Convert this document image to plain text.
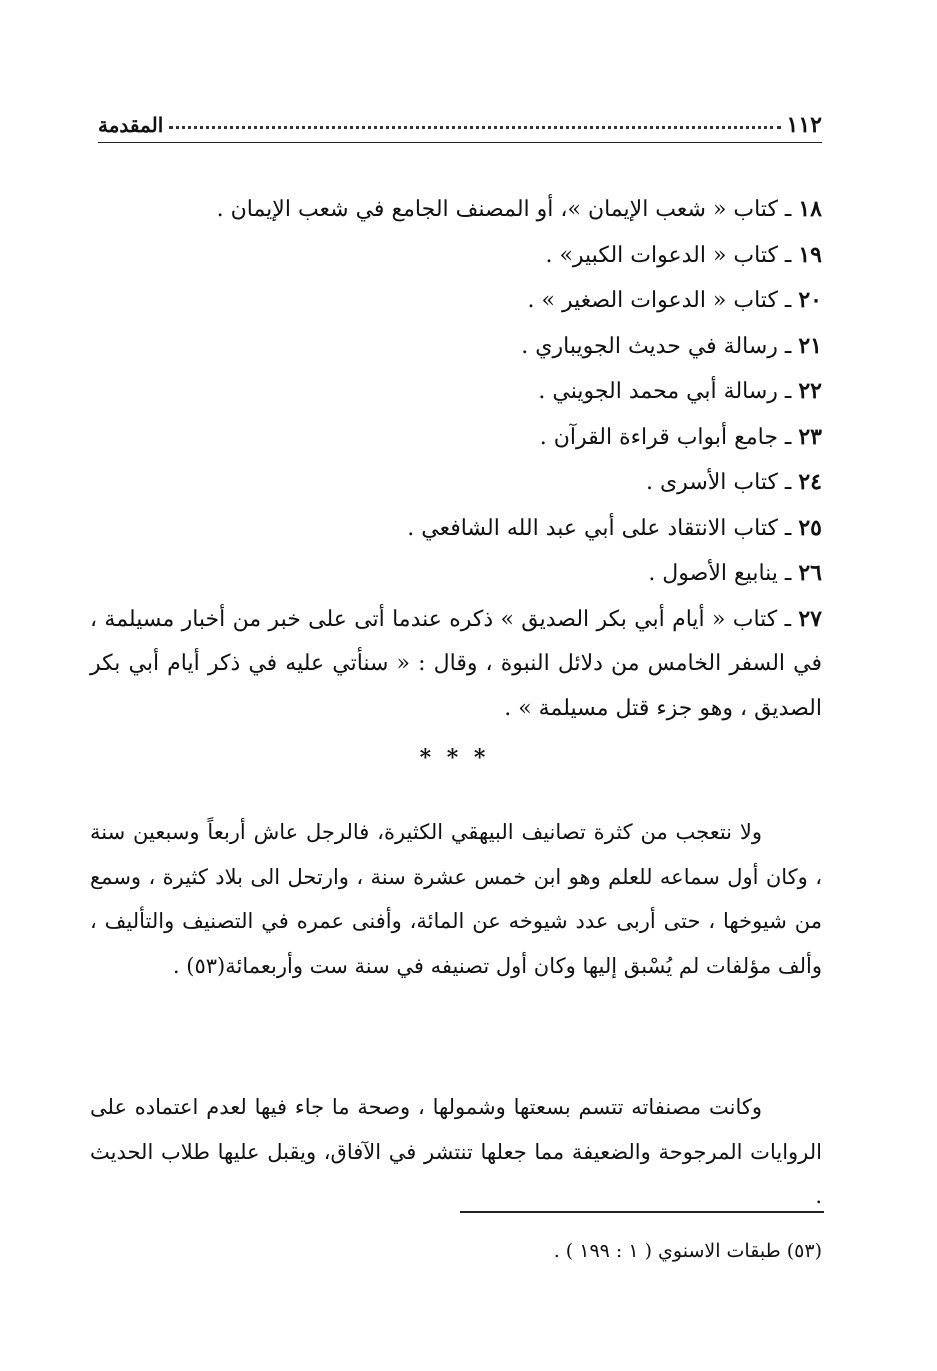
١١٢
المقدمة
١٨ ـ كتاب « شعب الإيمان »، أو المصنف الجامع في شعب الإيمان .
١٩ ـ كتاب « الدعوات الكبير» .
٢٠ ـ كتاب « الدعوات الصغير » .
٢١ ـ رسالة في حديث الجويباري .
٢٢ ـ رسالة أبي محمد الجويني .
٢٣ ـ جامع أبواب قراءة القرآن .
٢٤ ـ كتاب الأسرى .
٢٥ ـ كتاب الانتقاد على أبي عبد الله الشافعي .
٢٦ ـ ينابيع الأصول .
٢٧ ـ كتاب « أيام أبي بكر الصديق » ذكره عندما أتى على خبر من أخبار مسيلمة ، في السفر الخامس من دلائل النبوة ، وقال : « سنأتي عليه في ذكر أيام أبي بكر الصديق ، وهو جزء قتل مسيلمة » .
* * *

ولا نتعجب من كثرة تصانيف البيهقي الكثيرة، فالرجل عاش أربعاً وسبعين سنة ، وكان أول سماعه للعلم وهو ابن خمس عشرة سنة ، وارتحل الى بلاد كثيرة ، وسمع من شيوخها ، حتى أربى عدد شيوخه عن المائة، وأفنى عمره في التصنيف والتأليف ، وألف مؤلفات لم يُسْبق إليها وكان أول تصنيفه في سنة ست وأربعمائة(٥٣) .

وكانت مصنفاته تتسم بسعتها وشمولها ، وصحة ما جاء فيها لعدم اعتماده على الروايات المرجوحة والضعيفة مما جعلها تنتشر في الآفاق، ويقبل عليها طلاب الحديث .

(٥٣) طبقات الاسنوي ( ١ : ١٩٩ ) .
